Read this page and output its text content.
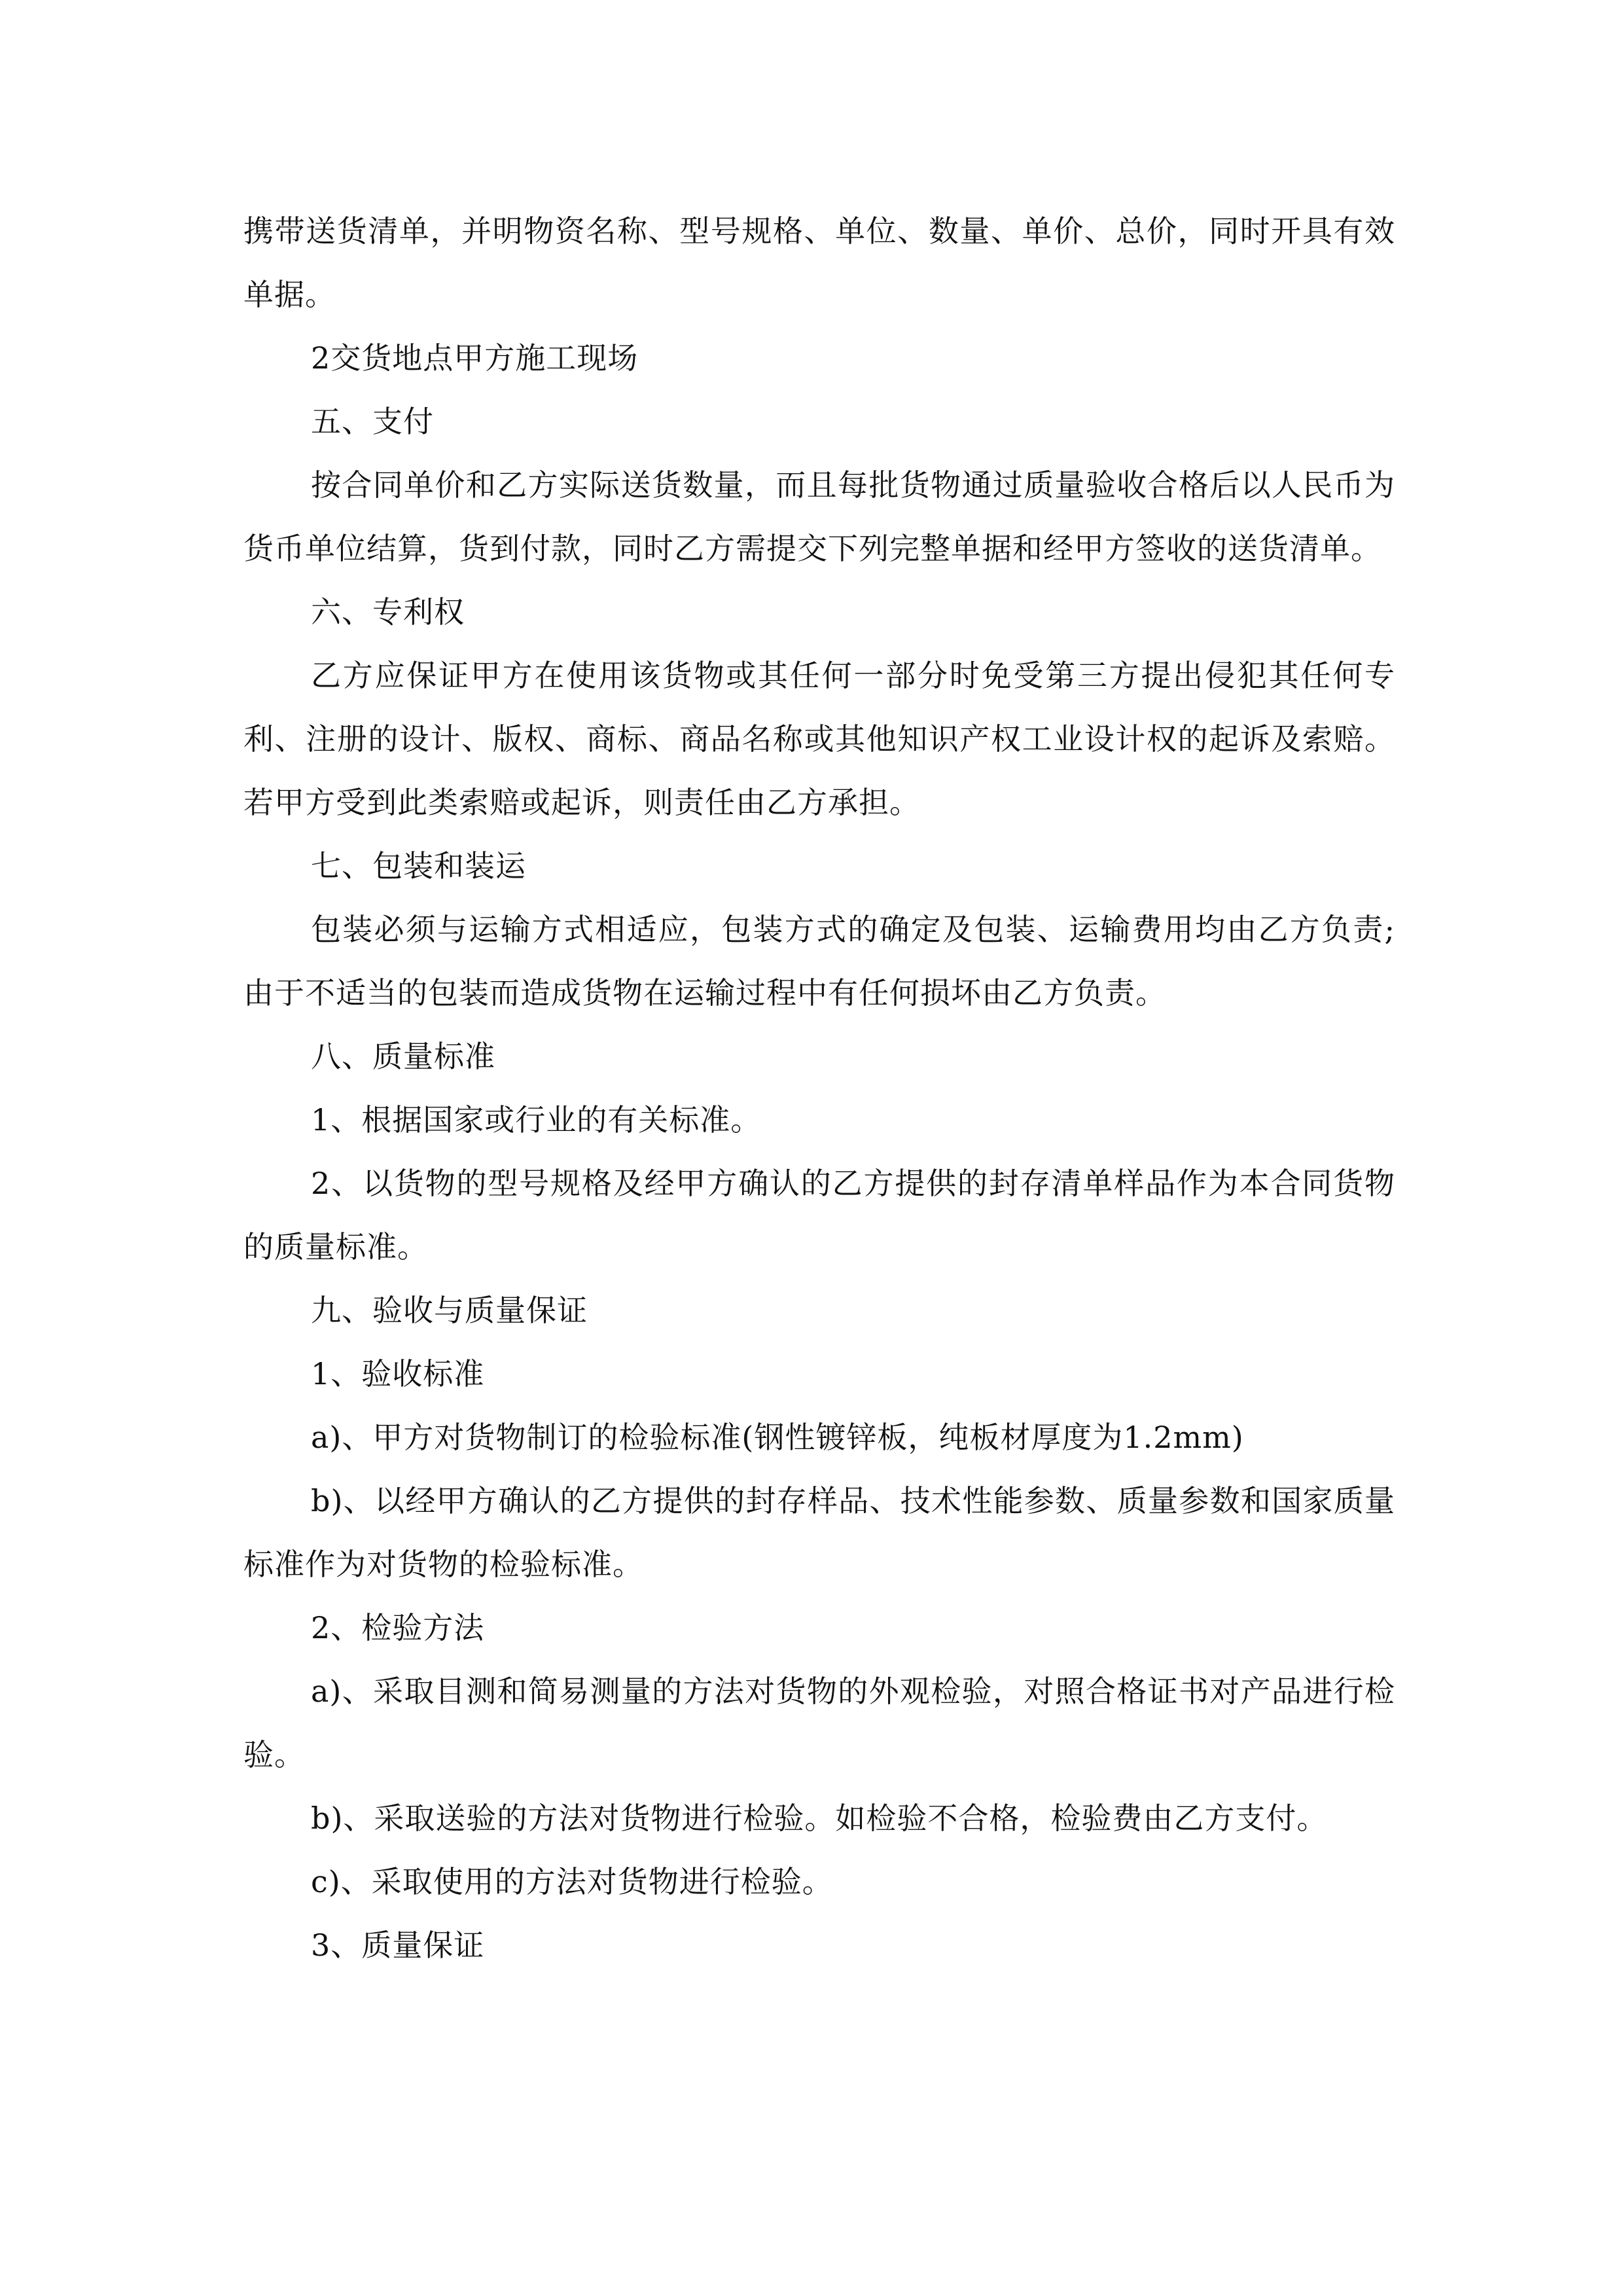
携带送货清单，并明物资名称、型号规格、单位、数量、单价、总价，同时开具有效单据。

2交货地点甲方施工现场

五、支付

按合同单价和乙方实际送货数量，而且每批货物通过质量验收合格后以人民币为货币单位结算，货到付款，同时乙方需提交下列完整单据和经甲方签收的送货清单。

六、专利权

乙方应保证甲方在使用该货物或其任何一部分时免受第三方提出侵犯其任何专利、注册的设计、版权、商标、商品名称或其他知识产权工业设计权的起诉及索赔。若甲方受到此类索赔或起诉，则责任由乙方承担。

七、包装和装运

包装必须与运输方式相适应，包装方式的确定及包装、运输费用均由乙方负责;由于不适当的包装而造成货物在运输过程中有任何损坏由乙方负责。

八、质量标准

1、根据国家或行业的有关标准。

2、以货物的型号规格及经甲方确认的乙方提供的封存清单样品作为本合同货物的质量标准。

九、验收与质量保证

1、验收标准

a)、甲方对货物制订的检验标准(钢性镀锌板，纯板材厚度为1.2mm)

b)、以经甲方确认的乙方提供的封存样品、技术性能参数、质量参数和国家质量标准作为对货物的检验标准。

2、检验方法

a)、采取目测和简易测量的方法对货物的外观检验，对照合格证书对产品进行检验。

b)、采取送验的方法对货物进行检验。如检验不合格，检验费由乙方支付。

c)、采取使用的方法对货物进行检验。

3、质量保证
